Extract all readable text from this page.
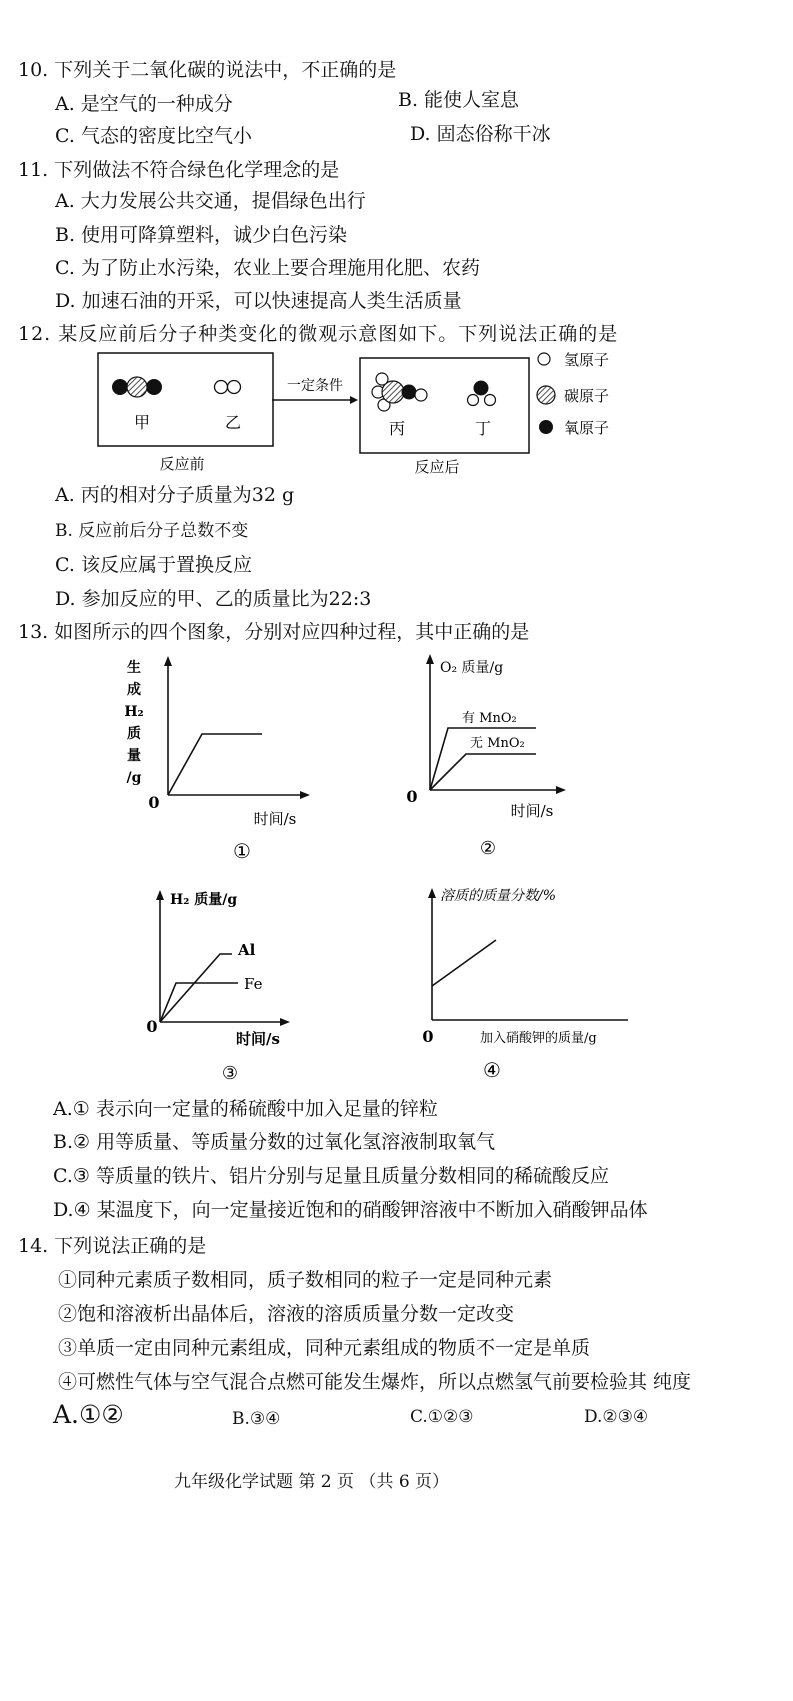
10. 下列关于二氧化碳的说法中，不正确的是
A. 是空气的一种成分	B. 能使人室息
C. 气态的密度比空气小	D. 固态俗称干冰
11. 下列做法不符合绿色化学理念的是
A. 大力发展公共交通，提倡绿色出行
B. 使用可降算塑料，诚少白色污染
C. 为了防止水污染，农业上要合理施用化肥、农药
D. 加速石油的开采，可以快速提高人类生活质量
12. 某反应前后分子种类变化的微观示意图如下。下列说法正确的是
甲	乙
一定条件
丙	丁
反应前	反应后
氢原子
碳原子
氧原子
A. 丙的相对分子质量为32 g
B. 反应前后分子总数不变
C. 该反应属于置换反应
D. 参加反应的甲、乙的质量比为22:3
13. 如图所示的四个图象，分别对应四种过程，其中正确的是
0
生
成
H₂
质
量
/g
时间/s
①
0
O₂ 质量/g
有 MnO₂
无 MnO₂
时间/s
②
0
H₂ 质量/g
Al
Fe
时间/s
③
0
溶质的质量分数/%
加入硝酸钾的质量/g
④
A.① 表示向一定量的稀硫酸中加入足量的锌粒
B.② 用等质量、等质量分数的过氧化氢溶液制取氧气
C.③ 等质量的铁片、铝片分别与足量且质量分数相同的稀硫酸反应
D.④ 某温度下，向一定量接近饱和的硝酸钾溶液中不断加入硝酸钾品体
14. 下列说法正确的是
①同种元素质子数相同，质子数相同的粒子一定是同种元素
②饱和溶液析出晶体后，溶液的溶质质量分数一定改变
③单质一定由同种元素组成，同种元素组成的物质不一定是单质
④可燃性气体与空气混合点燃可能发生爆炸，所以点燃氢气前要检验其 纯度
A.①②	B.③④	C.①②③	D.②③④
九年级化学试题 第 2 页 （共 6 页）
